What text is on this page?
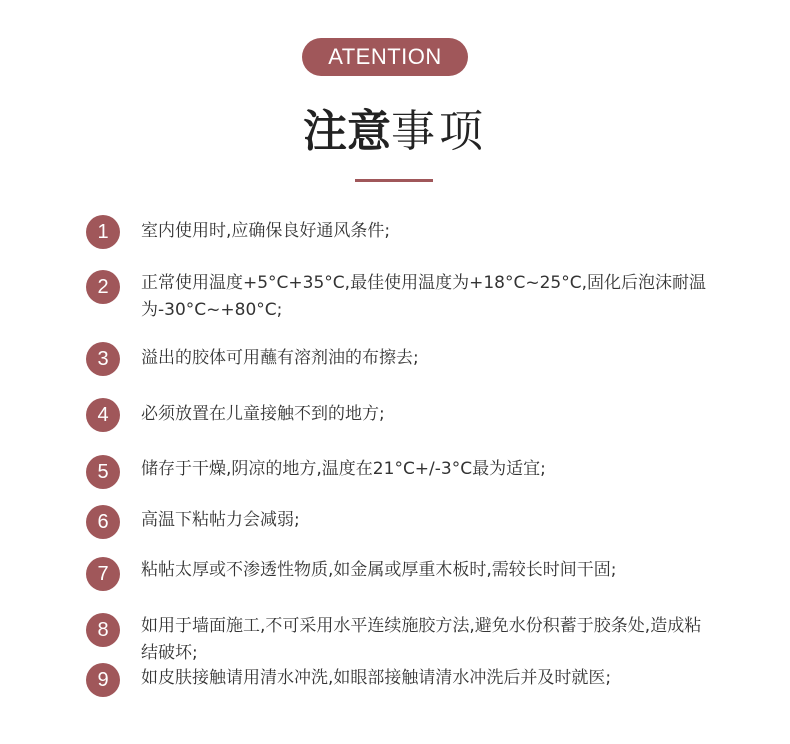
ATENTION
注意事项
1	室内使用时,应确保良好通风条件;
2	正常使用温度+5°C+35°C,最佳使用温度为+18°C~25°C,固化后泡沫耐温为-30°C~+80°C;
3	溢出的胶体可用蘸有溶剂油的布擦去;
4	必须放置在儿童接触不到的地方;
5	储存于干燥,阴凉的地方,温度在21°C+/-3°C最为适宜;
6	高温下粘帖力会减弱;
7	粘帖太厚或不渗透性物质,如金属或厚重木板时,需较长时间干固;
8	如用于墙面施工,不可采用水平连续施胶方法,避免水份积蓄于胶条处,造成粘结破坏;
9	如皮肤接触请用清水冲洗,如眼部接触请清水冲洗后并及时就医;
